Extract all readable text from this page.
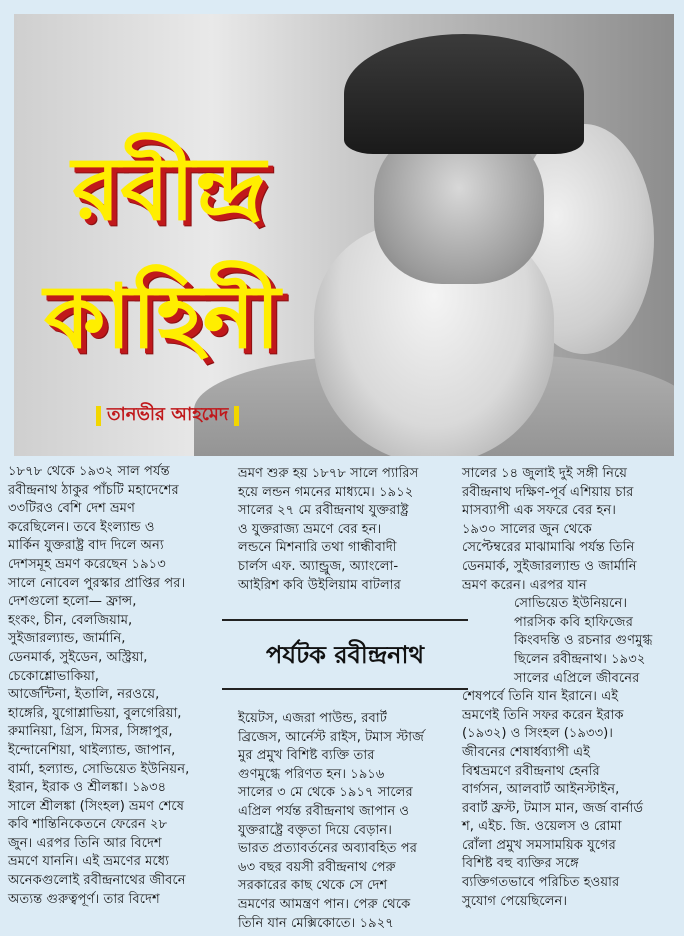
রবীন্দ্র
কাহিনী
তানভীর আহমেদ
১৮৭৮ থেকে ১৯৩২ সাল পর্যন্ত
রবীন্দ্রনাথ ঠাকুর পাঁচটি মহাদেশের
৩৩টিরও বেশি দেশ ভ্রমণ
করেছিলেন। তবে ইংল্যান্ড ও
মার্কিন যুক্তরাষ্ট্র বাদ দিলে অন্য
দেশসমূহ ভ্রমণ করেছেন ১৯১৩
সালে নোবেল পুরস্কার প্রাপ্তির পর।
দেশগুলো হলো— ফ্রান্স,
হংকং, চীন, বেলজিয়াম,
সুইজারল্যান্ড, জার্মানি,
ডেনমার্ক, সুইডেন, অস্ট্রিয়া,
চেকোশ্লোভাকিয়া,
আর্জেন্টিনা, ইতালি, নরওয়ে,
হাঙ্গেরি, যুগোশ্লাভিয়া, বুলগেরিয়া,
রুমানিয়া, গ্রিস, মিসর, সিঙ্গাপুর,
ইন্দোনেশিয়া, থাইল্যান্ড, জাপান,
বার্মা, হল্যান্ড, সোভিয়েত ইউনিয়ন,
ইরান, ইরাক ও শ্রীলঙ্কা। ১৯৩৪
সালে শ্রীলঙ্কা (সিংহল) ভ্রমণ শেষে
কবি শান্তিনিকেতনে ফেরেন ২৮
জুন। এরপর তিনি আর বিদেশ
ভ্রমণে যাননি। এই ভ্রমণের মধ্যে
অনেকগুলোই রবীন্দ্রনাথের জীবনে
অত্যন্ত গুরুত্বপূর্ণ। তার বিদেশ
ভ্রমণ শুরু হয় ১৮৭৮ সালে প্যারিস
হয়ে লন্ডন গমনের মাধ্যমে। ১৯১২
সালের ২৭ মে রবীন্দ্রনাথ যুক্তরাষ্ট্র
ও যুক্তরাজ্য ভ্রমণে বের হন।
লন্ডনে মিশনারি তথা গান্ধীবাদী
চার্লস এফ. অ্যান্ড্রুজ, অ্যাংলো-
আইরিশ কবি উইলিয়াম বাটলার
পর্যটক রবীন্দ্রনাথ
ইয়েটস, এজরা পাউন্ড, রবার্ট
ব্রিজেস, আর্নেস্ট রাইস, টমাস স্টার্জ
মুর প্রমুখ বিশিষ্ট ব্যক্তি তার
গুণমুগ্ধে পরিণত হন। ১৯১৬
সালের ৩ মে থেকে ১৯১৭ সালের
এপ্রিল পর্যন্ত রবীন্দ্রনাথ জাপান ও
যুক্তরাষ্ট্রে বক্তৃতা দিয়ে বেড়ান।
ভারত প্রত্যাবর্তনের অব্যাবহিত পর
৬৩ বছর বয়সী রবীন্দ্রনাথ পেরু
সরকারের কাছ থেকে সে দেশ
ভ্রমণের আমন্ত্রণ পান। পেরু থেকে
তিনি যান মেক্সিকোতে। ১৯২৭
সালের ১৪ জুলাই দুই সঙ্গী নিয়ে
রবীন্দ্রনাথ দক্ষিণ-পূর্ব এশিয়ায় চার
মাসব্যাপী এক সফরে বের হন।
১৯৩০ সালের জুন থেকে
সেপ্টেম্বরের মাঝামাঝি পর্যন্ত তিনি
ডেনমার্ক, সুইজারল্যান্ড ও জার্মানি
ভ্রমণ করেন। এরপর যান
সোভিয়েত ইউনিয়নে।
পারসিক কবি হাফিজের
কিংবদন্তি ও রচনার গুণমুগ্ধ
ছিলেন রবীন্দ্রনাথ। ১৯৩২
সালের এপ্রিলে জীবনের
শেষপর্বে তিনি যান ইরানে। এই
ভ্রমণেই তিনি সফর করেন ইরাক
(১৯৩২) ও সিংহল (১৯৩৩)।
জীবনের শেষার্ধব্যাপী এই
বিশ্বভ্রমণে রবীন্দ্রনাথ হেনরি
বার্গসন, আলবার্ট আইনস্টাইন,
রবার্ট ফ্রস্ট, টমাস মান, জর্জ বার্নার্ড
শ, এইচ. জি. ওয়েলস ও রোমা
রোঁলা প্রমুখ সমসাময়িক যুগের
বিশিষ্ট বহু ব্যক্তির সঙ্গে
ব্যক্তিগতভাবে পরিচিত হওয়ার
সুযোগ পেয়েছিলেন।
